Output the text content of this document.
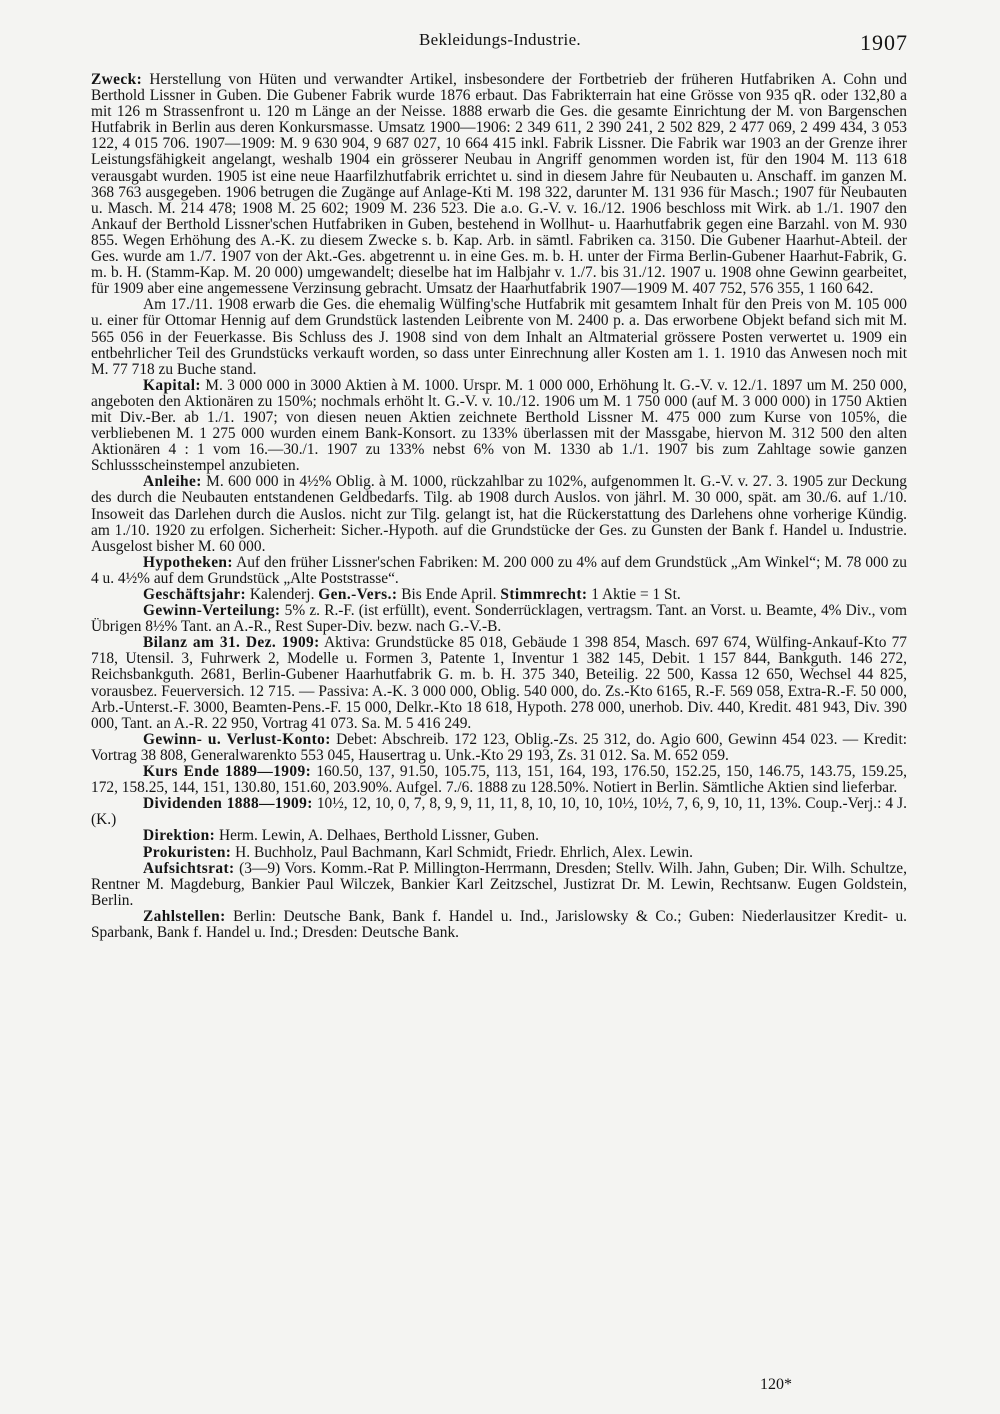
Bekleidungs-Industrie.	1907

Zweck: Herstellung von Hüten und verwandter Artikel, insbesondere der Fortbetrieb der früheren Hutfabriken A. Cohn und Berthold Lissner in Guben. Die Gubener Fabrik wurde 1876 erbaut. Das Fabrikterrain hat eine Grösse von 935 qR. oder 132,80 a mit 126 m Strassenfront u. 120 m Länge an der Neisse. 1888 erwarb die Ges. die gesamte Einrichtung der M. von Bargenschen Hutfabrik in Berlin aus deren Konkursmasse. Umsatz 1900—1906: 2 349 611, 2 390 241, 2 502 829, 2 477 069, 2 499 434, 3 053 122, 4 015 706. 1907—1909: M. 9 630 904, 9 687 027, 10 664 415 inkl. Fabrik Lissner. Die Fabrik war 1903 an der Grenze ihrer Leistungsfähigkeit angelangt, weshalb 1904 ein grösserer Neubau in Angriff genommen worden ist, für den 1904 M. 113 618 verausgabt wurden. 1905 ist eine neue Haarfilzhutfabrik errichtet u. sind in diesem Jahre für Neubauten u. Anschaff. im ganzen M. 368 763 ausgegeben. 1906 betrugen die Zugänge auf Anlage-Kti M. 198 322, darunter M. 131 936 für Masch.; 1907 für Neubauten u. Masch. M. 214 478; 1908 M. 25 602; 1909 M. 236 523. Die a.o. G.-V. v. 16./12. 1906 beschloss mit Wirk. ab 1./1. 1907 den Ankauf der Berthold Lissner'schen Hutfabriken in Guben, bestehend in Wollhut- u. Haarhutfabrik gegen eine Barzahl. von M. 930 855. Wegen Erhöhung des A.-K. zu diesem Zwecke s. b. Kap. Arb. in sämtl. Fabriken ca. 3150. Die Gubener Haarhut-Abteil. der Ges. wurde am 1./7. 1907 von der Akt.-Ges. abgetrennt u. in eine Ges. m. b. H. unter der Firma Berlin-Gubener Haarhut-Fabrik, G. m. b. H. (Stamm-Kap. M. 20 000) umgewandelt; dieselbe hat im Halbjahr v. 1./7. bis 31./12. 1907 u. 1908 ohne Gewinn gearbeitet, für 1909 aber eine angemessene Verzinsung gebracht. Umsatz der Haarhutfabrik 1907—1909 M. 407 752, 576 355, 1 160 642.

Am 17./11. 1908 erwarb die Ges. die ehemalig Wülfing'sche Hutfabrik mit gesamtem Inhalt für den Preis von M. 105 000 u. einer für Ottomar Hennig auf dem Grundstück lastenden Leibrente von M. 2400 p. a. Das erworbene Objekt befand sich mit M. 565 056 in der Feuerkasse. Bis Schluss des J. 1908 sind von dem Inhalt an Altmaterial grössere Posten verwertet u. 1909 ein entbehrlicher Teil des Grundstücks verkauft worden, so dass unter Einrechnung aller Kosten am 1. 1. 1910 das Anwesen noch mit M. 77 718 zu Buche stand.

Kapital: M. 3 000 000 in 3000 Aktien à M. 1000. Urspr. M. 1 000 000, Erhöhung lt. G.-V. v. 12./1. 1897 um M. 250 000, angeboten den Aktionären zu 150%; nochmals erhöht lt. G.-V. v. 10./12. 1906 um M. 1 750 000 (auf M. 3 000 000) in 1750 Aktien mit Div.-Ber. ab 1./1. 1907; von diesen neuen Aktien zeichnete Berthold Lissner M. 475 000 zum Kurse von 105%, die verbliebenen M. 1 275 000 wurden einem Bank-Konsort. zu 133% überlassen mit der Massgabe, hiervon M. 312 500 den alten Aktionären 4 : 1 vom 16.—30./1. 1907 zu 133% nebst 6% von M. 1330 ab 1./1. 1907 bis zum Zahltage sowie ganzen Schlussscheinstempel anzubieten.

Anleihe: M. 600 000 in 4½% Oblig. à M. 1000, rückzahlbar zu 102%, aufgenommen lt. G.-V. v. 27. 3. 1905 zur Deckung des durch die Neubauten entstandenen Geldbedarfs. Tilg. ab 1908 durch Auslos. von jährl. M. 30 000, spät. am 30./6. auf 1./10. Insoweit das Darlehen durch die Auslos. nicht zur Tilg. gelangt ist, hat die Rückerstattung des Darlehens ohne vorherige Kündig. am 1./10. 1920 zu erfolgen. Sicherheit: Sicher.-Hypoth. auf die Grundstücke der Ges. zu Gunsten der Bank f. Handel u. Industrie. Ausgelost bisher M. 60 000.

Hypotheken: Auf den früher Lissner'schen Fabriken: M. 200 000 zu 4% auf dem Grundstück „Am Winkel“; M. 78 000 zu 4 u. 4½% auf dem Grundstück „Alte Poststrasse“.

Geschäftsjahr: Kalenderj. Gen.-Vers.: Bis Ende April. Stimmrecht: 1 Aktie = 1 St.

Gewinn-Verteilung: 5% z. R.-F. (ist erfüllt), event. Sonderrücklagen, vertragsm. Tant. an Vorst. u. Beamte, 4% Div., vom Übrigen 8½% Tant. an A.-R., Rest Super-Div. bezw. nach G.-V.-B.

Bilanz am 31. Dez. 1909: Aktiva: Grundstücke 85 018, Gebäude 1 398 854, Masch. 697 674, Wülfing-Ankauf-Kto 77 718, Utensil. 3, Fuhrwerk 2, Modelle u. Formen 3, Patente 1, Inventur 1 382 145, Debit. 1 157 844, Bankguth. 146 272, Reichsbankguth. 2681, Berlin-Gubener Haarhutfabrik G. m. b. H. 375 340, Beteilig. 22 500, Kassa 12 650, Wechsel 44 825, vorausbez. Feuerversich. 12 715. — Passiva: A.-K. 3 000 000, Oblig. 540 000, do. Zs.-Kto 6165, R.-F. 569 058, Extra-R.-F. 50 000, Arb.-Unterst.-F. 3000, Beamten-Pens.-F. 15 000, Delkr.-Kto 18 618, Hypoth. 278 000, unerhob. Div. 440, Kredit. 481 943, Div. 390 000, Tant. an A.-R. 22 950, Vortrag 41 073. Sa. M. 5 416 249.

Gewinn- u. Verlust-Konto: Debet: Abschreib. 172 123, Oblig.-Zs. 25 312, do. Agio 600, Gewinn 454 023. — Kredit: Vortrag 38 808, Generalwarenkto 553 045, Hausertrag u. Unk.-Kto 29 193, Zs. 31 012. Sa. M. 652 059.

Kurs Ende 1889—1909: 160.50, 137, 91.50, 105.75, 113, 151, 164, 193, 176.50, 152.25, 150, 146.75, 143.75, 159.25, 172, 158.25, 144, 151, 130.80, 151.60, 203.90%. Aufgel. 7./6. 1888 zu 128.50%. Notiert in Berlin. Sämtliche Aktien sind lieferbar.

Dividenden 1888—1909: 10½, 12, 10, 0, 7, 8, 9, 9, 11, 11, 8, 10, 10, 10, 10½, 10½, 7, 6, 9, 10, 11, 13%. Coup.-Verj.: 4 J. (K.)

Direktion: Herm. Lewin, A. Delhaes, Berthold Lissner, Guben.

Prokuristen: H. Buchholz, Paul Bachmann, Karl Schmidt, Friedr. Ehrlich, Alex. Lewin.

Aufsichtsrat: (3—9) Vors. Komm.-Rat P. Millington-Herrmann, Dresden; Stellv. Wilh. Jahn, Guben; Dir. Wilh. Schultze, Rentner M. Magdeburg, Bankier Paul Wilczek, Bankier Karl Zeitzschel, Justizrat Dr. M. Lewin, Rechtsanw. Eugen Goldstein, Berlin.

Zahlstellen: Berlin: Deutsche Bank, Bank f. Handel u. Ind., Jarislowsky & Co.; Guben: Niederlausitzer Kredit- u. Sparbank, Bank f. Handel u. Ind.; Dresden: Deutsche Bank.

120*
